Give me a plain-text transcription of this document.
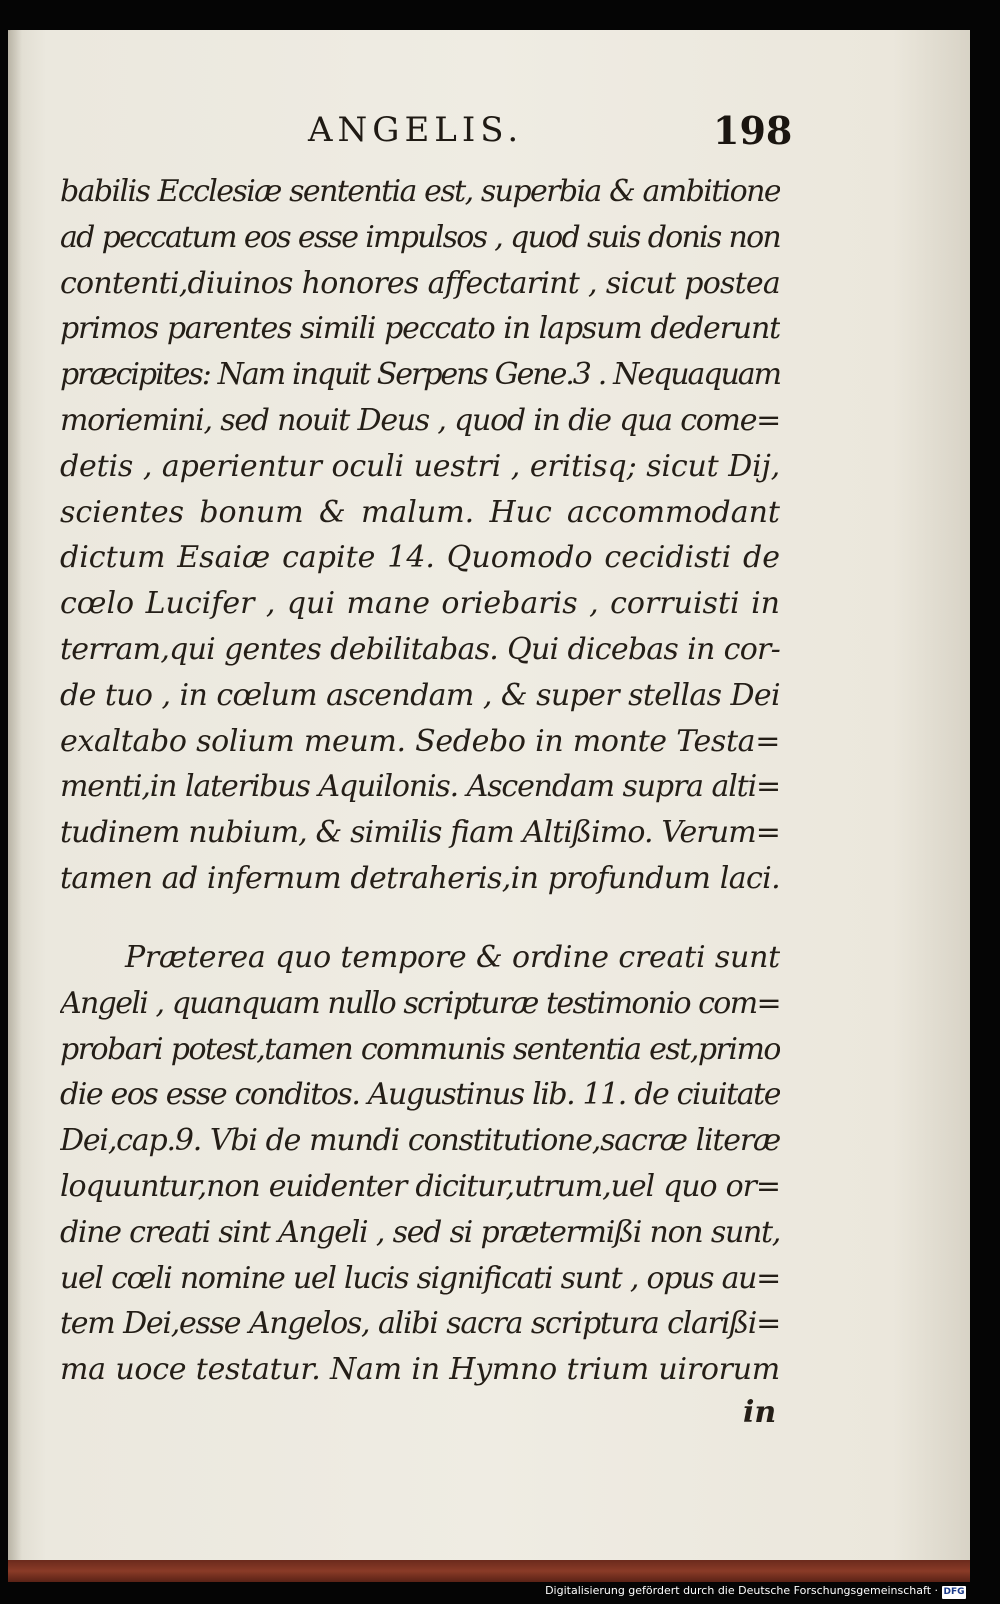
ANGELIS.	198
babilis Ecclesiæ sententia est, superbia & ambitione
ad peccatum eos esse impulsos , quod suis donis non
contenti,diuinos honores affectarint , sicut postea
primos parentes simili peccato in lapsum dederunt
præcipites: Nam inquit Serpens Gene.3 . Nequaquam
moriemini, sed nouit Deus , quod in die qua come=
detis , aperientur oculi uestri , eritisq; sicut Dij,
scientes bonum & malum. Huc accommodant
dictum Esaiæ capite 14. Quomodo cecidisti de
cœlo Lucifer , qui mane oriebaris , corruisti in
terram,qui gentes debilitabas. Qui dicebas in cor-
de tuo , in cœlum ascendam , & super stellas Dei
exaltabo solium meum. Sedebo in monte Testa=
menti,in lateribus Aquilonis. Ascendam supra alti=
tudinem nubium, & similis fiam Altißimo. Verum=
tamen ad infernum detraheris,in profundum laci.
Præterea quo tempore & ordine creati sunt
Angeli , quanquam nullo scripturæ testimonio com=
probari potest,tamen communis sententia est,primo
die eos esse conditos. Augustinus lib. 11. de ciuitate
Dei,cap.9. Vbi de mundi constitutione,sacræ literæ
loquuntur,non euidenter dicitur,utrum,uel quo or=
dine creati sint Angeli , sed si prætermißi non sunt,
uel cœli nomine uel lucis significati sunt , opus au=
tem Dei,esse Angelos, alibi sacra scriptura clarißi=
ma uoce testatur. Nam in Hymno trium uirorum
in
Digitalisierung gefördert durch die Deutsche Forschungsgemeinschaft · DFG
